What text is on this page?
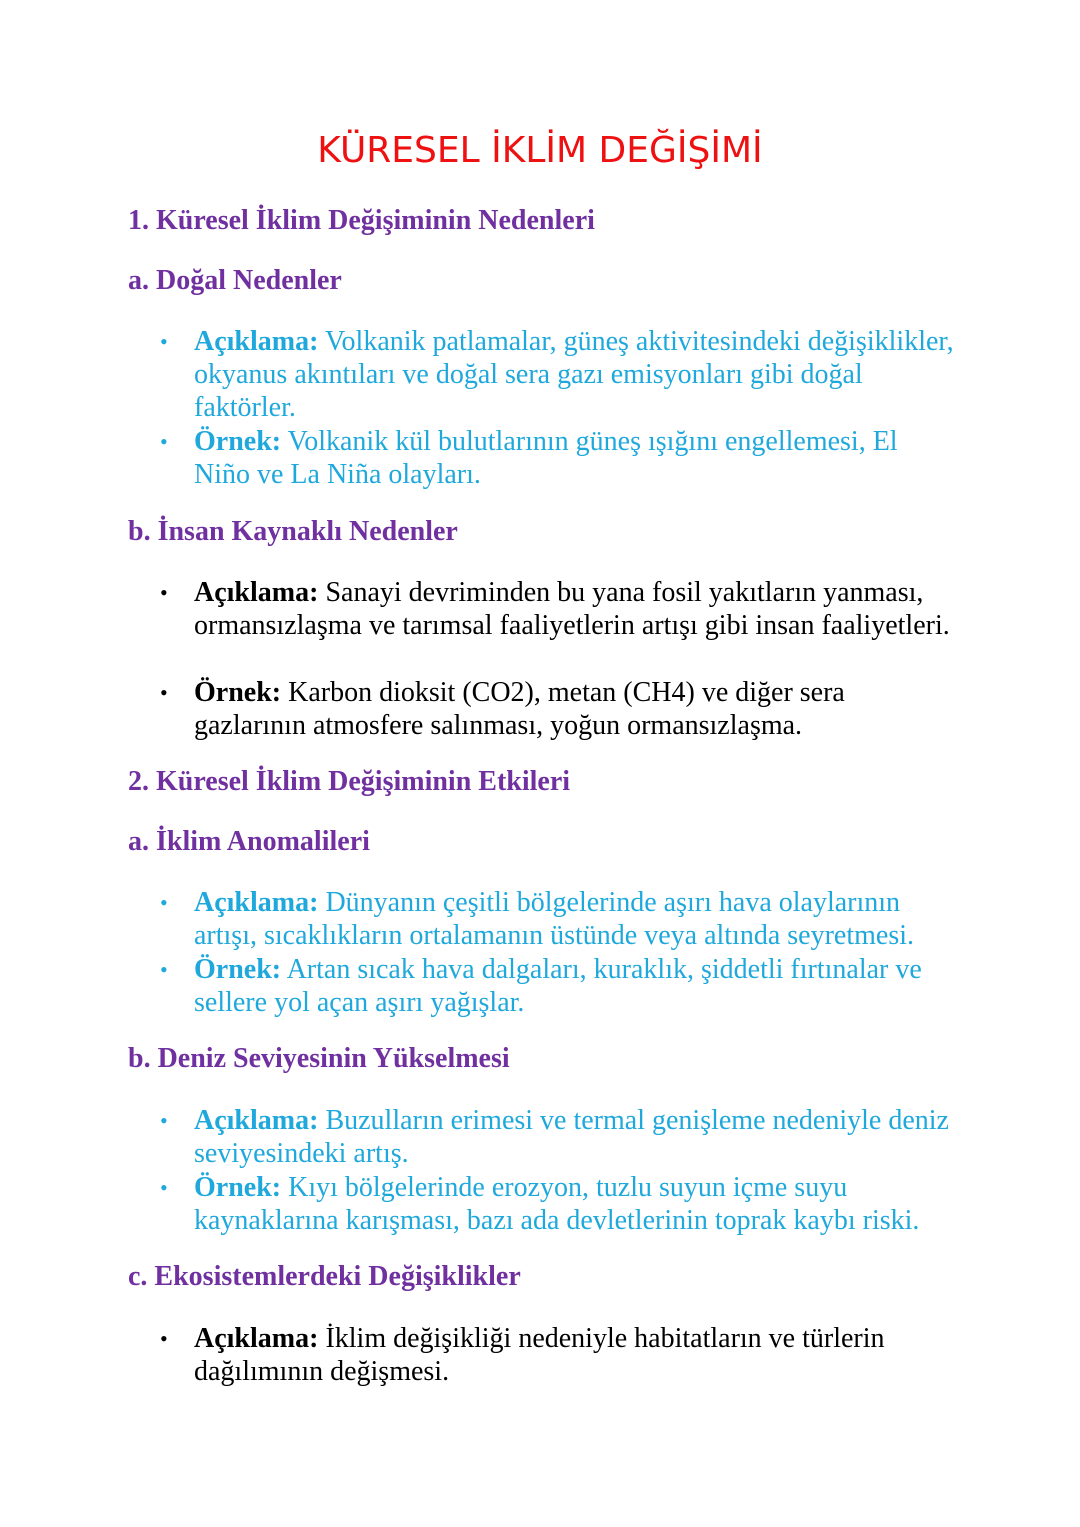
KÜRESEL İKLİM DEĞİŞİMİ
1. Küresel İklim Değişiminin Nedenleri
a. Doğal Nedenler
• Açıklama: Volkanik patlamalar, güneş aktivitesindeki değişiklikler, okyanus akıntıları ve doğal sera gazı emisyonları gibi doğal faktörler.
• Örnek: Volkanik kül bulutlarının güneş ışığını engellemesi, El Niño ve La Niña olayları.
b. İnsan Kaynaklı Nedenler
• Açıklama: Sanayi devriminden bu yana fosil yakıtların yanması, ormansızlaşma ve tarımsal faaliyetlerin artışı gibi insan faaliyetleri.
• Örnek: Karbon dioksit (CO2), metan (CH4) ve diğer sera gazlarının atmosfere salınması, yoğun ormansızlaşma.
2. Küresel İklim Değişiminin Etkileri
a. İklim Anomalileri
• Açıklama: Dünyanın çeşitli bölgelerinde aşırı hava olaylarının artışı, sıcaklıkların ortalamanın üstünde veya altında seyretmesi.
• Örnek: Artan sıcak hava dalgaları, kuraklık, şiddetli fırtınalar ve sellere yol açan aşırı yağışlar.
b. Deniz Seviyesinin Yükselmesi
• Açıklama: Buzulların erimesi ve termal genişleme nedeniyle deniz seviyesindeki artış.
• Örnek: Kıyı bölgelerinde erozyon, tuzlu suyun içme suyu kaynaklarına karışması, bazı ada devletlerinin toprak kaybı riski.
c. Ekosistemlerdeki Değişiklikler
• Açıklama: İklim değişikliği nedeniyle habitatların ve türlerin dağılımının değişmesi.
